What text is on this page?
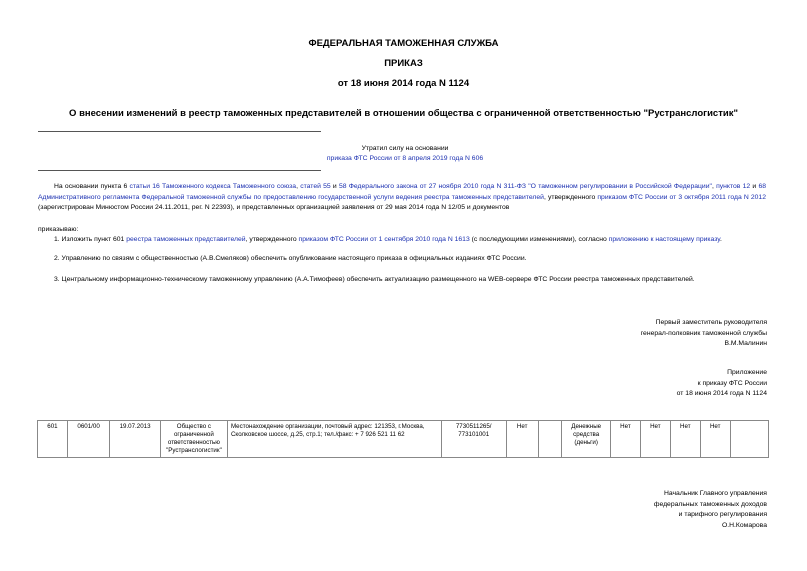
ФЕДЕРАЛЬНАЯ ТАМОЖЕННАЯ СЛУЖБА
ПРИКАЗ
от 18 июня 2014 года N 1124
О внесении изменений в реестр таможенных представителей в отношении общества с ограниченной ответственностью "Рустранслогистик"
Утратил силу на основании
приказа ФТС России от 8 апреля 2019 года N 606
На основании пункта 6 статьи 16 Таможенного кодекса Таможенного союза, статей 55 и 58 Федерального закона от 27 ноября 2010 года N 311-ФЗ "О таможенном регулировании в Российской Федерации", пунктов 12 и 68 Административного регламента Федеральной таможенной службы по предоставлению государственной услуги ведения реестра таможенных представителей, утвержденного приказом ФТС России от 3 октября 2011 года N 2012 (зарегистрирован Минюстом России 24.11.2011, рег. N 22393), и представленных организацией заявления от 29 мая 2014 года N 12/05 и документов
приказываю:
1. Изложить пункт 601 реестра таможенных представителей, утвержденного приказом ФТС России от 1 сентября 2010 года N 1613 (с последующими изменениями), согласно приложению к настоящему приказу.
2. Управлению по связям с общественностью (А.В.Смеляков) обеспечить опубликование настоящего приказа в официальных изданиях ФТС России.
3. Центральному информационно-техническому таможенному управлению (А.А.Тимофеев) обеспечить актуализацию размещенного на WEB-сервере ФТС России реестра таможенных представителей.
Первый заместитель руководителя
генерал-полковник таможенной службы
В.М.Малинин
Приложение
к приказу ФТС России
от 18 июня 2014 года N 1124
601	0601/00	19.07.2013	Общество с ограниченной ответственностью "Рустранслогистик"	Местонахождение организации, почтовый адрес: 121353, г.Москва, Сколковское шоссе, д.25, стр.1; тел./факс: + 7 926 521 11 62	7730511265/ 773101001	Нет		Денежные средства (деньги)	Нет	Нет	Нет	Нет	
Начальник Главного управления
федеральных таможенных доходов
и тарифного регулирования
О.Н.Комарова
